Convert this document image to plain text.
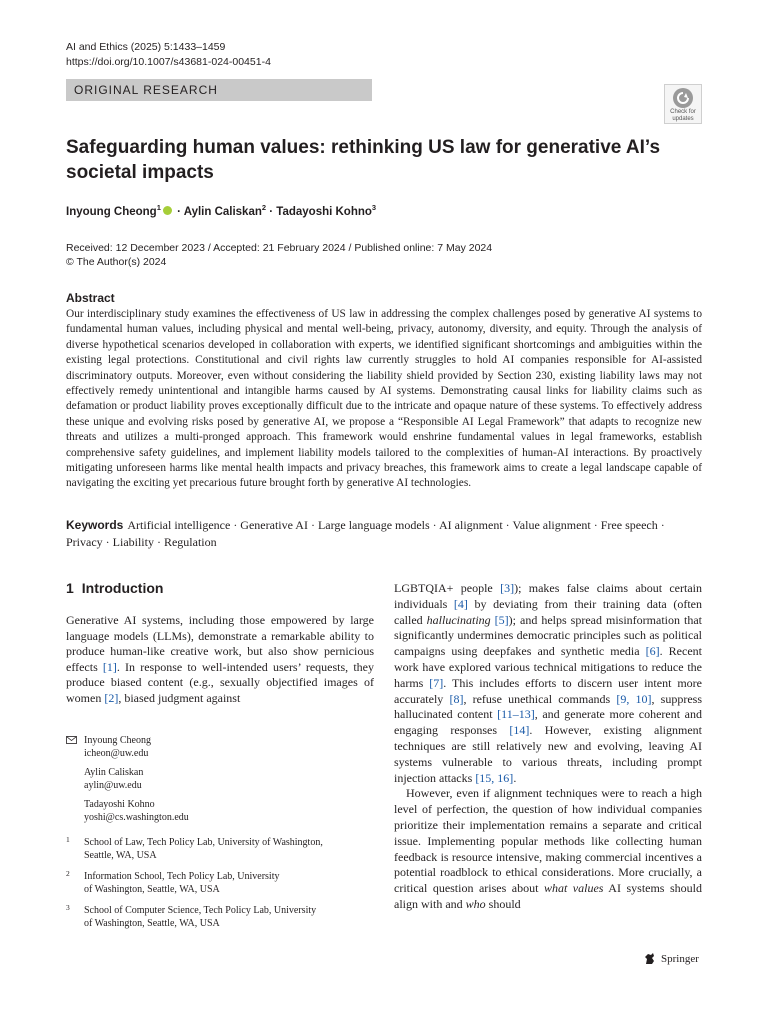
AI and Ethics (2025) 5:1433–1459
https://doi.org/10.1007/s43681-024-00451-4
ORIGINAL RESEARCH
Check for
updates
Safeguarding human values: rethinking US law for generative AI’s societal impacts
Inyoung Cheong$^1$ · Aylin Caliskan$^2$ · Tadayoshi Kohno$^3$
Received: 12 December 2023 / Accepted: 21 February 2024 / Published online: 7 May 2024
© The Author(s) 2024
Abstract
Our interdisciplinary study examines the effectiveness of US law in addressing the complex challenges posed by generative AI systems to fundamental human values, including physical and mental well-being, privacy, autonomy, diversity, and equity. Through the analysis of diverse hypothetical scenarios developed in collaboration with experts, we identified significant shortcomings and ambiguities within the existing legal protections. Constitutional and civil rights law currently struggles to hold AI companies responsible for AI-assisted discriminatory outputs. Moreover, even without considering the liability shield provided by Section 230, existing liability laws may not effectively remedy unintentional and intangible harms caused by AI systems. Demonstrating causal links for liability claims such as defamation or product liability proves exceptionally difficult due to the intricate and opaque nature of these systems. To effectively address these unique and evolving risks posed by generative AI, we propose a “Responsible AI Legal Framework” that adapts to recognize new threats and utilizes a multi-pronged approach. This framework would enshrine fundamental values in legal frameworks, establish comprehensive safety guidelines, and implement liability models tailored to the complexities of human-AI interactions. By proactively mitigating unforeseen harms like mental health impacts and privacy breaches, this framework aims to create a legal landscape capable of navigating the exciting yet precarious future brought forth by generative AI technologies.
Keywords Artificial intelligence · Generative AI · Large language models · AI alignment · Value alignment · Free speech · Privacy · Liability · Regulation
1 Introduction
Generative AI systems, including those empowered by large language models (LLMs), demonstrate a remarkable ability to produce human-like creative work, but also show pernicious effects [1]. In response to well-intended users’ requests, they produce biased content (e.g., sexually objectified images of women [2], biased judgment against

LGBTQIA+ people [3]); makes false claims about certain individuals [4] by deviating from their training data (often called hallucinating [5]); and helps spread misinformation that significantly undermines democratic principles such as political campaigns using deepfakes and synthetic media [6]. Recent work have explored various technical mitigations to reduce the harms [7]. This includes efforts to discern user intent more accurately [8], refuse unethical commands [9, 10], suppress hallucinated content [11–13], and generate more coherent and engaging responses [14]. However, existing alignment techniques are still relatively new and evolving, leaving AI systems vulnerable to various threats, including prompt injection attacks [15, 16].

However, even if alignment techniques were to reach a high level of perfection, the question of how individual companies prioritize their implementation remains a separate and critical issue. Implementing popular methods like collecting human feedback is resource intensive, making commercial incentives a potential roadblock to ethical considerations. More crucially, a critical question arises about what values AI systems should align with and who should

Inyoung Cheong
icheon@uw.edu
Aylin Caliskan
aylin@uw.edu
Tadayoshi Kohno
yoshi@cs.washington.edu
1 School of Law, Tech Policy Lab, University of Washington,
Seattle, WA, USA
2 Information School, Tech Policy Lab, University
of Washington, Seattle, WA, USA
3 School of Computer Science, Tech Policy Lab, University
of Washington, Seattle, WA, USA
Springer
